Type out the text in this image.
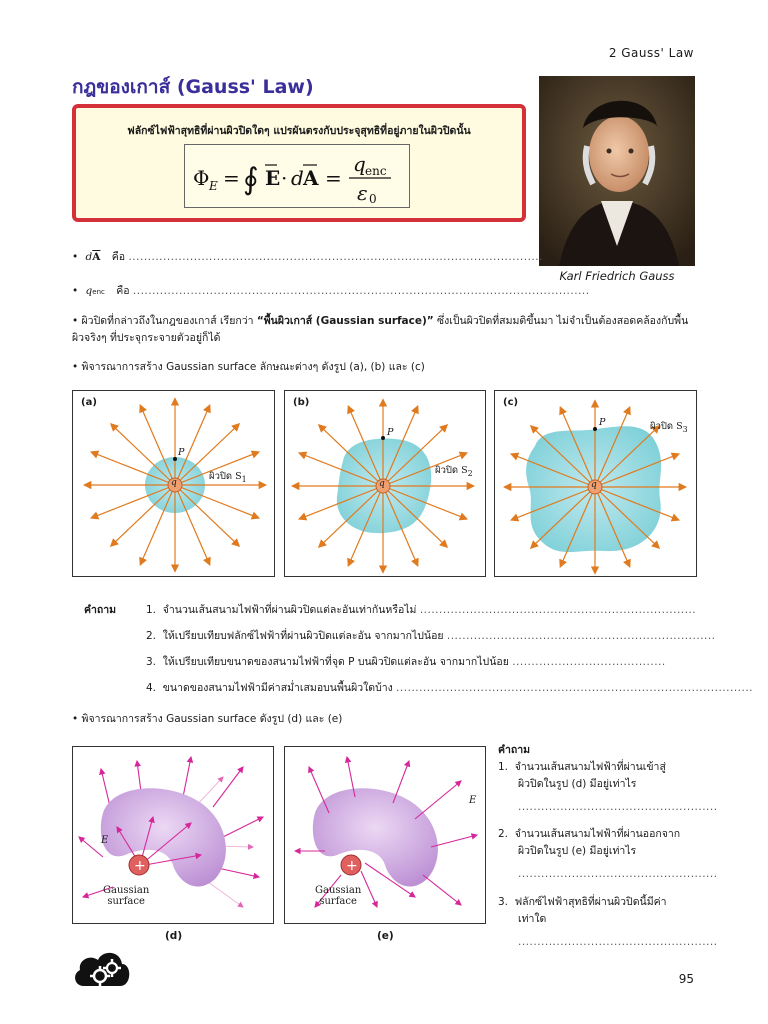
2 Gauss' Law
กฎของเกาส์ (Gauss' Law)
ฟลักซ์ไฟฟ้าสุทธิที่ผ่านผิวปิดใดๆ แปรผันตรงกับประจุสุทธิที่อยู่ภายในผิวปิดนั้น
Φ E = ∮ E · d A =
q enc
ε 0
Karl Friedrich Gauss
• $d\overline{A}$ คือ ............................................................................................................
• qenc คือ .......................................................................................................................
• ผิวปิดที่กล่าวถึงในกฎของเกาส์ เรียกว่า “พื้นผิวเกาส์ (Gaussian surface)” ซึ่งเป็นผิวปิดที่สมมติขึ้นมา ไม่จำเป็นต้องสอดคล้องกับพื้นผิวจริงๆ ที่ประจุกระจายตัวอยู่ก็ได้
• พิจารณาการสร้าง Gaussian surface ลักษณะต่างๆ ดังรูป (a), (b) และ (c)
(a)
ผิวปิด $S_1$
P
q
(b)
ผิวปิด $S_2$
P
q
(c)
ผิวปิด $S_3$
P
q
คำถาม	1. จำนวนเส้นสนามไฟฟ้าที่ผ่านผิวปิดแต่ละอันเท่ากันหรือไม่ ........................................................................
2. ให้เปรียบเทียบฟลักซ์ไฟฟ้าที่ผ่านผิวปิดแต่ละอัน จากมากไปน้อย ......................................................................
3. ให้เปรียบเทียบขนาดของสนามไฟฟ้าที่จุด P บนผิวปิดแต่ละอัน จากมากไปน้อย ........................................
4. ขนาดของสนามไฟฟ้ามีค่าสม่ำเสมอบนพื้นผิวใดบ้าง .............................................................................................
• พิจารณาการสร้าง Gaussian surface ดังรูป (d) และ (e)
+
E
Gaussian
surface
(d)
+
E
Gaussian
surface
(e)
คำถาม
1. จำนวนเส้นสนามไฟฟ้าที่ผ่านเข้าสู่
ผิวปิดในรูป (d) มีอยู่เท่าไร
....................................................
2. จำนวนเส้นสนามไฟฟ้าที่ผ่านออกจาก
ผิวปิดในรูป (e) มีอยู่เท่าไร
....................................................
3. ฟลักซ์ไฟฟ้าสุทธิที่ผ่านผิวปิดนี้มีค่า
เท่าใด
....................................................
95
